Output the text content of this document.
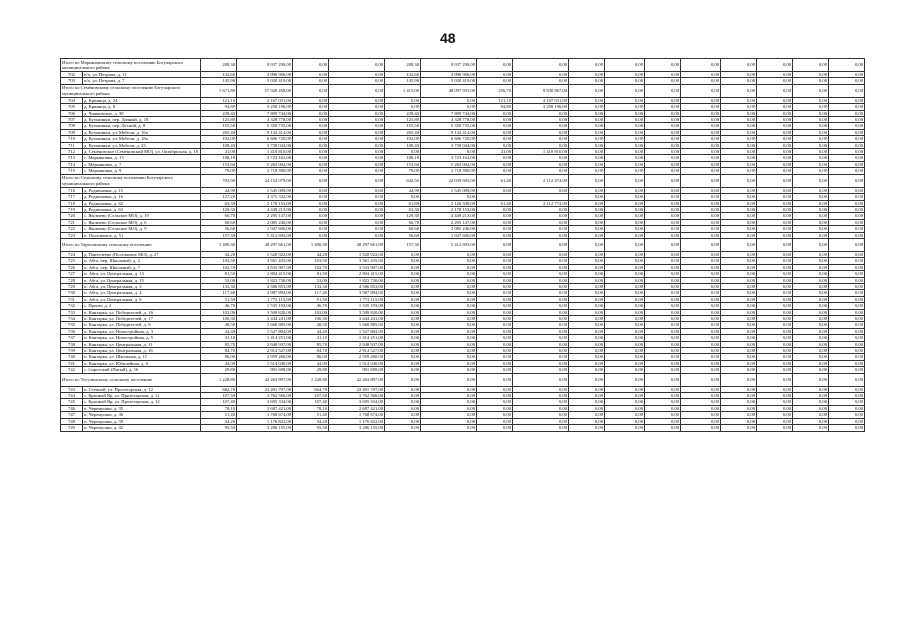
48
Итого по Марьяновскому сельскому поселению Богучарского муниципального района		288,30	9 937 298,00	0,00	0,00	288,30	9 937 298,00	0,00	0,00	0,00	0,00	0,00	0,00	0,00	0,00	0,00	0,00
702	п/х, ул. Петрова, д. 11	142,60	4 996 906,00	0,00	0,00	142,60	4 996 906,00	0,00	0,00	0,00	0,00	0,00	0,00	0,00	0,00	0,00	0,00
703	п/х, ул. Петрова, д. 7	145,90	5 020 419,00	0,00	0,00	145,90	5 020 419,00	0,00	0,00	0,00	0,00	0,00	0,00	0,00	0,00	0,00	0,00
Итого по Семёновскому сельскому поселению Богучарского муниципального района		1 671,80	57 928 458,00	0,00	0,00	1 415,00	48 097 591,00	256,70	9 830 867,00	0,00	0,00	0,00	0,00	0,00	0,00	0,00	0,00
704	д. Криница, д. 24	121,10	4 167 031,00	0,00	0,00	0,00	0,00	121,10	4 167 031,00	0,00	0,00	0,00	0,00	0,00	0,00	0,00	0,00
705	д. Криница, д. 8	94,80	3 258 196,00	0,00	0,00	0,00	0,00	94,80	3 258 196,00	0,00	0,00	0,00	0,00	0,00	0,00	0,00	0,00
706	д. Чашковское, д. 38	228,40	7 809 744,00	0,00	0,00	228,40	7 809 744,00	0,00	0,00	0,00	0,00	0,00	0,00	0,00	0,00	0,00	0,00
707	д. Кузьминки, пер. Дачный, д. 10	125,80	4 328 778,00	0,00	0,00	125,80	4 328 778,00	0,00	0,00	0,00	0,00	0,00	0,00	0,00	0,00	0,00	0,00
708	д. Кузьминки, пер. Лесной, д. 8	155,50	5 350 735,00	0,00	0,00	155,50	5 350 735,00	0,00	0,00	0,00	0,00	0,00	0,00	0,00	0,00	0,00	0,00
709	д. Кузьминки, ул. Мебели, д. 16а	265,40	9 132 414,00	0,00	0,00	265,40	9 132 414,00	0,00	0,00	0,00	0,00	0,00	0,00	0,00	0,00	0,00	0,00
710	д. Кузьминки, ул. Мебели, д. 18а	192,00	6 606 720,00	0,00	0,00	192,00	6 606 720,00	0,00	0,00	0,00	0,00	0,00	0,00	0,00	0,00	0,00	0,00
711	д. Кузьминки, ул. Мебели, д. 23	108,40	3 730 044,00	0,00	0,00	108,40	3 730 044,00	0,00	0,00	0,00	0,00	0,00	0,00	0,00	0,00	0,00	0,00
712	д. Семёновское (Семёновский МО), ул. Октябрьская, д. 10	41,00	1 410 810,00	0,00	0,00	0,00	0,00	41,00	1 410 810,00	0,00	0,00	0,00	0,00	0,00	0,00	0,00	0,00
713	с. Марьяновка, д. 13	108,10	3 723 162,00	0,00	0,00	108,10	3 723 162,00	0,00	0,00	0,00	0,00	0,00	0,00	0,00	0,00	0,00	0,00
714	с. Марьяновка, д. 7	152,60	5 264 094,00	0,00	0,00	152,60	5 264 094,00	0,00	0,00	0,00	0,00	0,00	0,00	0,00	0,00	0,00	0,00
715	с. Марьяновка, д. 9	79,00	2 718 390,00	0,00	0,00	79,00	2 718 390,00	0,00	0,00	0,00	0,00	0,00	0,00	0,00	0,00	0,00	0,00
Итого по Сельскому сельскому поселению Богучарского муниципального района		703,90	24 152 079,00	0,00	0,00	642,50	22 039 605,00	61,40	2 112 474,00	0,00	0,00	0,00	0,00	0,00	0,00	0,00	0,00
716	д. Родионовка, д. 15	44,90	1 545 009,00	0,00	0,00	44,90	1 545 009,00	0,00	0,00	0,00	0,00	0,00	0,00	0,00	0,00	0,00	0,00
717	д. Родионовка, д. 16	127,20	4 375 332,00	0,00	0,00	0,00	0,00			0,00	0,00	0,00	0,00	0,00	0,00	0,00	0,00
718	д. Родионовка, д. 62	63,30	2 178 153,00	0,00	0,00	61,80	2 126 338,00	61,40	2 112 774,00	0,00	0,00	0,00	0,00	0,00	0,00	0,00	0,00
719	д. Родионовка, д. 63	129,30	4 449 213,00	0,00	0,00	63,30	2 178 153,00	0,00	0,00	0,00	0,00	0,00	0,00	0,00	0,00	0,00	0,00
720	с. Яковлево (Сельское МО), д. 19	66,70	2 295 147,00	0,00	0,00	129,30	4 449 213,00	0,00	0,00	0,00	0,00	0,00	0,00	0,00	0,00	0,00	0,00
721	с. Яковлево (Сельское МО), д. 6	60,60	2 085 246,00	0,00	0,00	66,70	2 295 147,00	0,00	0,00	0,00	0,00	0,00	0,00	0,00	0,00	0,00	0,00
722	с. Яковлево (Сельское МО), д. 9	56,60	1 947 606,00	0,00	0,00	60,60	2 085 246,00	0,00	0,00	0,00	0,00	0,00	0,00	0,00	0,00	0,00	0,00
723	п. Поселковое, д. 51	157,30	5 412 693,00	0,00	0,00	56,60	1 947 606,00	0,00	0,00	0,00	0,00	0,00	0,00	0,00	0,00	0,00	0,00
Итого по Тарасовскому сельскому поселению		1 400,30	48 297 661,00	1 400,30	48 297 661,00	157,30	5 412 693,00	0,00	0,00	0,00	0,00	0,00	0,00	0,00	0,00	0,00	0,00
724	д. Пантелеево (Поселковое МО), д. 27	44,20	1 520 922,00	44,20	1 520 922,00	0,00	0,00	0,00	0,00	0,00	0,00	0,00	0,00	0,00	0,00	0,00	0,00
725	п. Абга, пер. Школьный, д. 3	103,50	3 561 435,00	103,50	3 561 435,00	0,00	0,00	0,00	0,00	0,00	0,00	0,00	0,00	0,00	0,00	0,00	0,00
726	п. Абга, пер. Школьный, д. 7	102,70	3 533 907,00	102,70	3 533 907,00	0,00	0,00	0,00	0,00	0,00	0,00	0,00	0,00	0,00	0,00	0,00	0,00
727	п. Абга, ул. Центральная, д. 13	81,50	2 804 415,00	81,50	2 804 415,00	0,00	0,00	0,00	0,00	0,00	0,00	0,00	0,00	0,00	0,00	0,00	0,00
728	п. Абга, ул. Центральная, д. 15	53,00	1 823 730,00	53,00	1 823 730,00	0,00	0,00	0,00	0,00	0,00	0,00	0,00	0,00	0,00	0,00	0,00	0,00
729	п. Абга, ул. Центральная, д. 3	133,30	4 586 853,00	133,30	4 586 853,00	0,00	0,00	0,00	0,00	0,00	0,00	0,00	0,00	0,00	0,00	0,00	0,00
730	п. Абга, ул. Центральная, д. 4	117,40	3 987 894,00	117,40	3 987 894,00	0,00	0,00	0,00	0,00	0,00	0,00	0,00	0,00	0,00	0,00	0,00	0,00
731	п. Абга, ул. Центральная, д. 6	51,50	1 772 115,00	51,50	1 772 115,00	0,00	0,00	0,00	0,00	0,00	0,00	0,00	0,00	0,00	0,00	0,00	0,00
732	с. Пронег, д. 2	46,70	1 535 193,00	46,70	1 535 193,00	0,00	0,00	0,00	0,00	0,00	0,00	0,00	0,00	0,00	0,00	0,00	0,00
733	п. Кантарка, ул. Победителей, д. 16	102,00	3 509 820,00	102,00	3 509 820,00	0,00	0,00	0,00	0,00	0,00	0,00	0,00	0,00	0,00	0,00	0,00	0,00
734	п. Кантарка, ул. Победителей, д. 17	100,30	3 444 241,00	100,30	3 444 241,00	0,00	0,00	0,00	0,00	0,00	0,00	0,00	0,00	0,00	0,00	0,00	0,00
735	п. Кантарка, ул. Победителей, д. 8	48,50	1 668 885,00	48,50	1 668 885,00	0,00	0,00	0,00	0,00	0,00	0,00	0,00	0,00	0,00	0,00	0,00	0,00
736	п. Кантарка, ул. Новостройная, д. 3	44,40	1 527 804,00	44,40	1 527 804,00	0,00	0,00	0,00	0,00	0,00	0,00	0,00	0,00	0,00	0,00	0,00	0,00
737	п. Кантарка, ул. Новостройная, д. 5	41,10	1 414 251,00	41,10	1 414 251,00	0,00	0,00	0,00	0,00	0,00	0,00	0,00	0,00	0,00	0,00	0,00	0,00
738	п. Кантарка, ул. Центральная, д. 11	85,70	2 948 937,00	85,70	2 948 937,00	0,00	0,00	0,00	0,00	0,00	0,00	0,00	0,00	0,00	0,00	0,00	0,00
739	п. Кантарка, ул. Центральная, д. 16	84,70	2 914 527,00	84,70	2 914 527,00	0,00	0,00	0,00	0,00	0,00	0,00	0,00	0,00	0,00	0,00	0,00	0,00
740	п. Кантарка, ул. Школьная, д. 11	86,00	2 959 260,00	86,00	2 959 260,00	0,00	0,00	0,00	0,00	0,00	0,00	0,00	0,00	0,00	0,00	0,00	0,00
741	п. Кантарка, ул. Юбилейная, д. 6	44,00	1 514 040,00	44,00	1 514 040,00	0,00	0,00	0,00	0,00	0,00	0,00	0,00	0,00	0,00	0,00	0,00	0,00
742	с. Сиротский (Пятый), д. 16	29,80	991 698,00	29,80	991 698,00	0,00	0,00	0,00	0,00	0,00	0,00	0,00	0,00	0,00	0,00	0,00	0,00
Итого по Тогучинскому сельскому поселению		1 228,80	42 263 897,00	1 228,80	42 263 897,00	0,00	0,00	0,00	0,00	0,00	0,00	0,00	0,00	0,00	0,00	0,00	0,00
743	п. Степной, ул. Пролетарская, д. 12	682,70	23 491 707,00	664,70	23 491 707,00	0,00	0,00	0,00	0,00	0,00	0,00	0,00	0,00	0,00	0,00	0,00	0,00
744	с. Красный Яр, ул. Пролетарская, д. 11	107,50	3 762 566,00	107,50	3 762 566,00	0,00	0,00	0,00	0,00	0,00	0,00	0,00	0,00	0,00	0,00	0,00	0,00
745	с. Красный Яр, ул. Пролетарская, д. 12	107,40	3 695 334,00	107,40	3 695 334,00	0,00	0,00	0,00	0,00	0,00	0,00	0,00	0,00	0,00	0,00	0,00	0,00
746	п. Черемушки, д. 35	78,10	2 687 421,00	78,10	2 687 421,00	0,00	0,00	0,00	0,00	0,00	0,00	0,00	0,00	0,00	0,00	0,00	0,00
747	п. Черемушки, д. 36	51,40	1 768 674,00	51,40	1 768 674,00	0,00	0,00	0,00	0,00	0,00	0,00	0,00	0,00	0,00	0,00	0,00	0,00
748	п. Черемушки, д. 39	34,20	1 176 822,00	34,20	1 176 822,00	0,00	0,00	0,00	0,00	0,00	0,00	0,00	0,00	0,00	0,00	0,00	0,00
749	п. Черемушки, д. 42	95,50	3 286 155,00	95,50	3 286 155,00	0,00	0,00	0,00	0,00	0,00	0,00	0,00	0,00	0,00	0,00	0,00	0,00
